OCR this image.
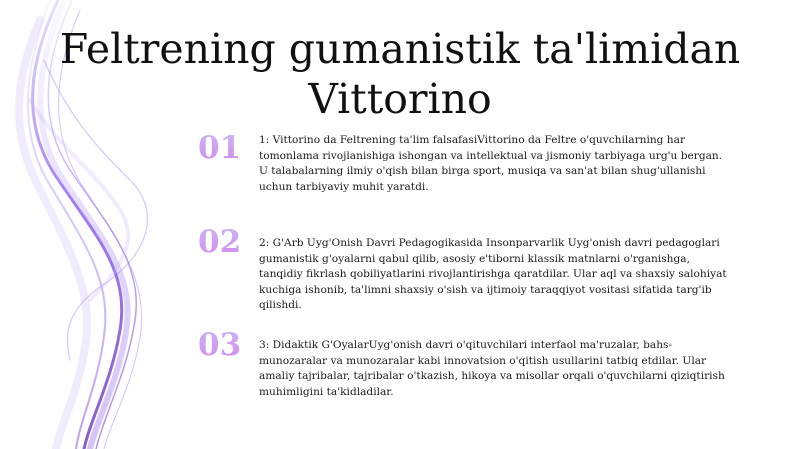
Feltrening gumanistik ta'limidan
Vittorino
01	1: Vittorino da Feltrening ta'lim falsafasiVittorino da Feltre o'quvchilarning har tomonlama rivojlanishiga ishongan va intellektual va jismoniy tarbiyaga urg'u bergan. U talabalarning ilmiy o'qish bilan birga sport, musiqa va san'at bilan shug'ullanishi uchun tarbiyaviy muhit yaratdi.

02	2: G'Arb Uyg'Onish Davri Pedagogikasida Insonparvarlik Uyg'onish davri pedagoglari gumanistik g'oyalarni qabul qilib, asosiy e'tiborni klassik matnlarni o'rganishga, tanqidiy fikrlash qobiliyatlarini rivojlantirishga qaratdilar. Ular aql va shaxsiy salohiyat kuchiga ishonib, ta'limni shaxsiy o'sish va ijtimoiy taraqqiyot vositasi sifatida targ'ib qilishdi.

03	3: Didaktik G'OyalarUyg'onish davri o'qituvchilari interfaol ma'ruzalar, bahs-munozaralar va munozaralar kabi innovatsion o'qitish usullarini tatbiq etdilar. Ular amaliy tajribalar, tajribalar o'tkazish, hikoya va misollar orqali o'quvchilarni qiziqtirish muhimligini ta'kidladilar.
